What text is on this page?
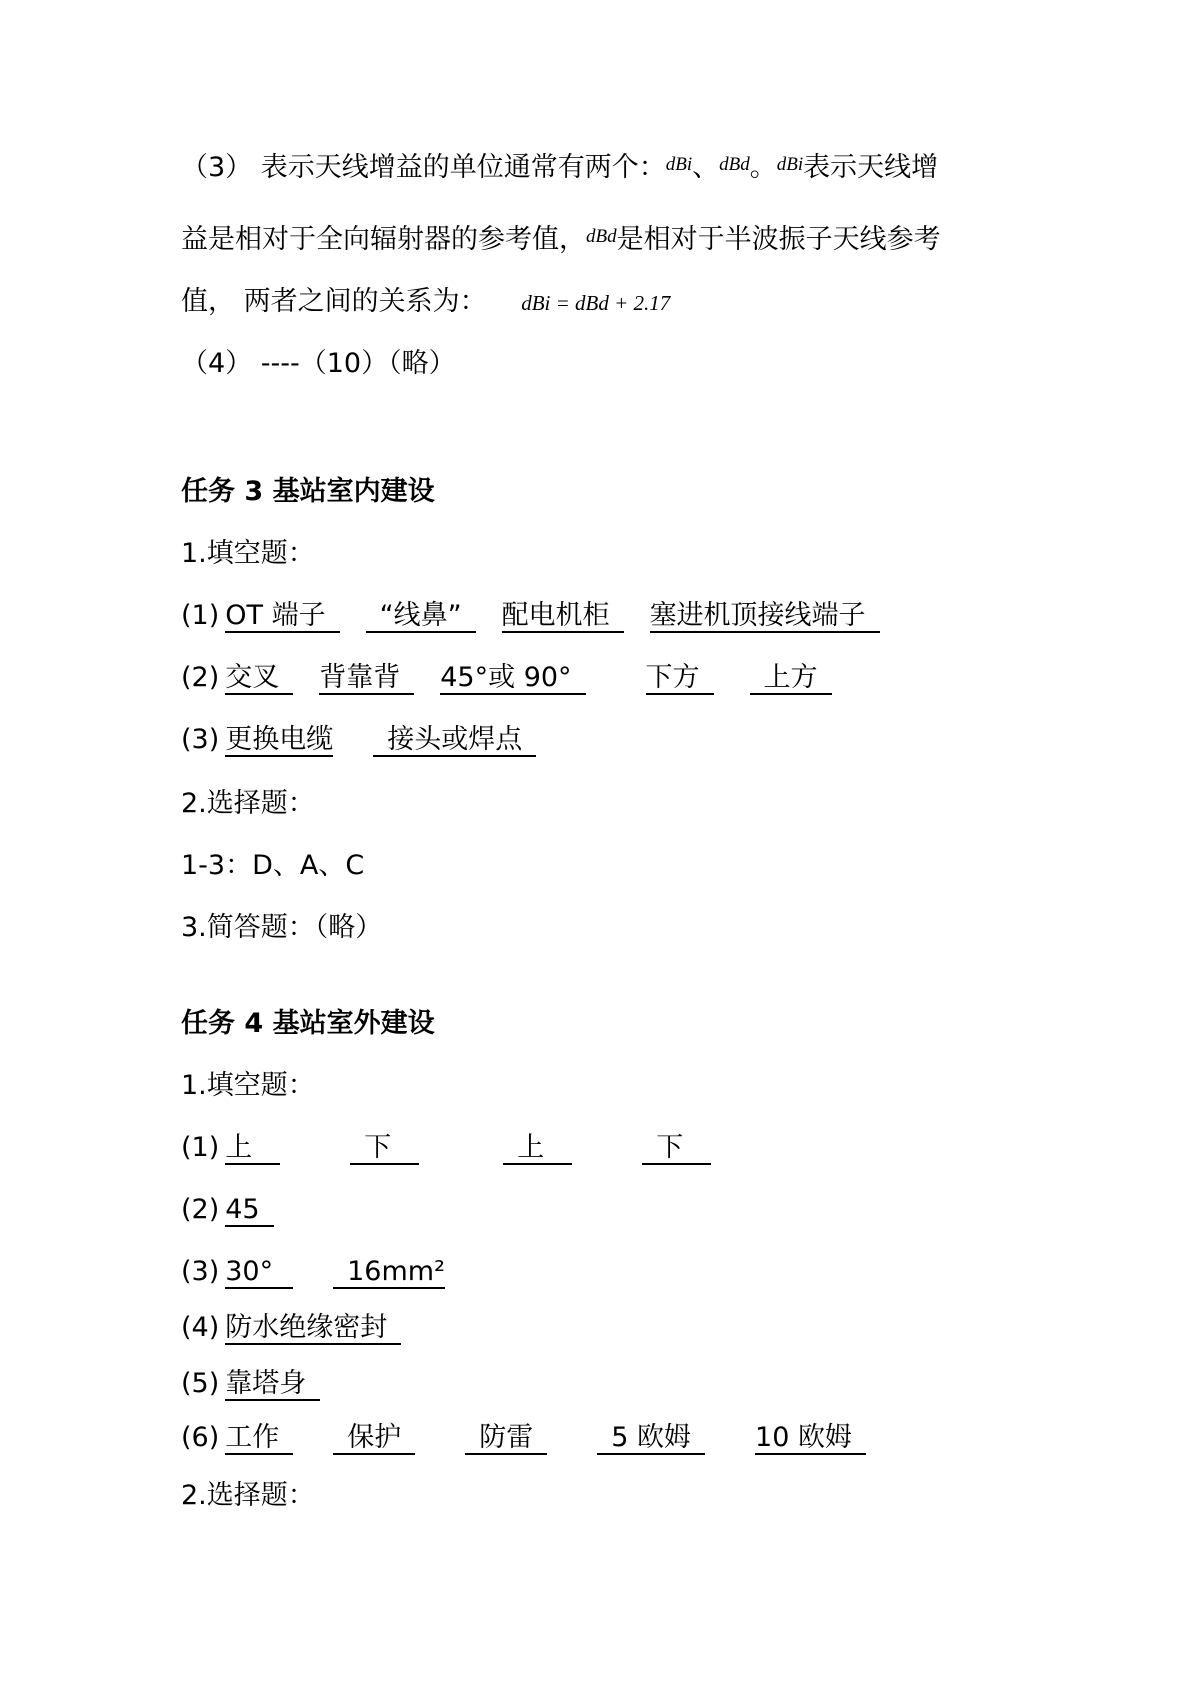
（3） 表示天线增益的单位通常有两个：$^{dBi}$、$^{dBd}$。$^{dBi}$表示天线增
益是相对于全向辐射器的参考值，$^{dBd}$是相对于半波振子天线参考
值， 两者之间的关系为： dBi = dBd + 2.17
（4） ----（10）（略）
任务 3 基站室内建设
1.填空题：
(1) OT 端子 “线鼻” 配电机柜 塞进机顶接线端子
(2) 交叉 背靠背 45°或 90°	下方 上方
(3) 更换电缆 接头或焊点
2.选择题：
1-3：D、A、C
3.简答题：（略）
任务 4 基站室外建设
1.填空题：
(1) 上	下	上	下
(2) 45
(3) 30°	16mm²
(4) 防水绝缘密封
(5) 靠塔身
(6) 工作	保护	防雷	5 欧姆 10 欧姆
2.选择题：
